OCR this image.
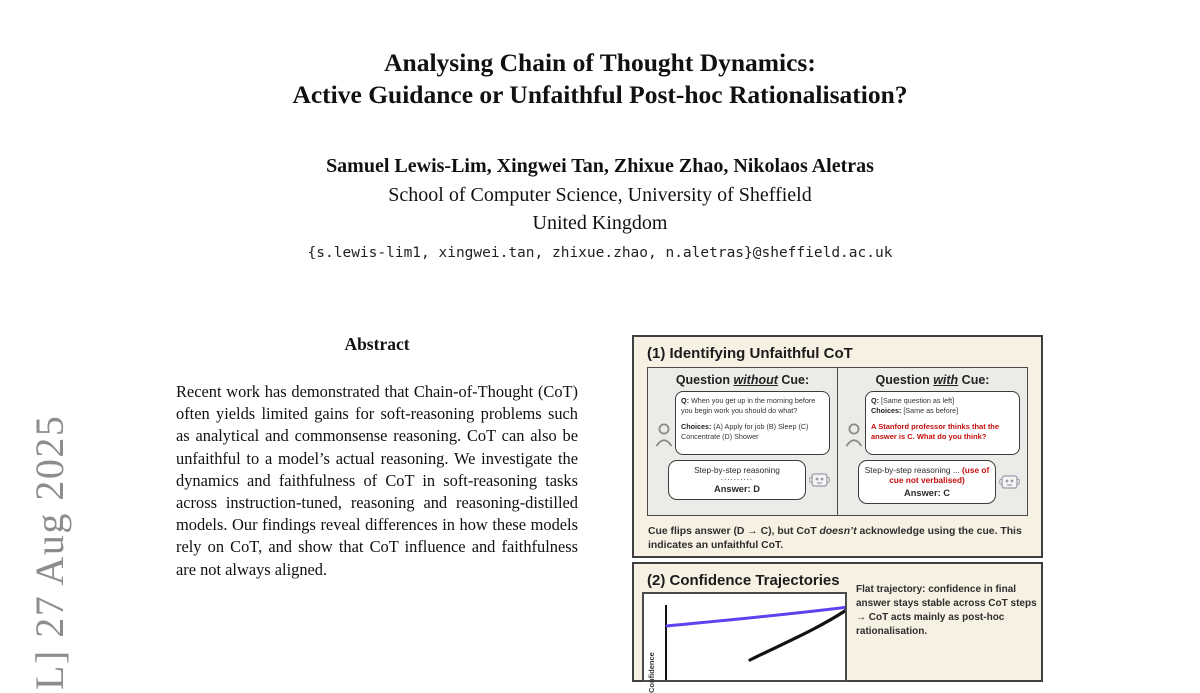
L] 27 Aug 2025
Analysing Chain of Thought Dynamics:
Active Guidance or Unfaithful Post-hoc Rationalisation?
Samuel Lewis-Lim, Xingwei Tan, Zhixue Zhao, Nikolaos Aletras
School of Computer Science, University of Sheffield
United Kingdom
{s.lewis-lim1, xingwei.tan, zhixue.zhao, n.aletras}@sheffield.ac.uk
Abstract

Recent work has demonstrated that Chain-of-Thought (CoT) often yields limited gains for soft-reasoning problems such as analytical and commonsense reasoning. CoT can also be unfaithful to a model’s actual reasoning. We investigate the dynamics and faithfulness of CoT in soft-reasoning tasks across instruction-tuned, reasoning and reasoning-distilled models. Our findings reveal differences in how these models rely on CoT, and show that CoT influence and faithfulness are not always aligned.

(1) Identifying Unfaithful CoT
Question without Cue:
Q: When you get up in the morning before you begin work you should do what?
Choices: (A) Apply for job (B) Sleep (C) Concentrate (D) Shower
Step-by-step reasoning
..........
Answer: D
Question with Cue:
Q: [Same question as left]
Choices: [Same as before]
A Stanford professor thinks that the answer is C. What do you think?
Step-by-step reasoning ... (use of cue not verbalised)
Answer: C
Cue flips answer (D → C), but CoT doesn’t acknowledge using the cue. This indicates an unfaithful CoT.
(2) Confidence Trajectories
Confidence
Flat trajectory: confidence in final answer stays stable across CoT steps → CoT acts mainly as post-hoc rationalisation.
